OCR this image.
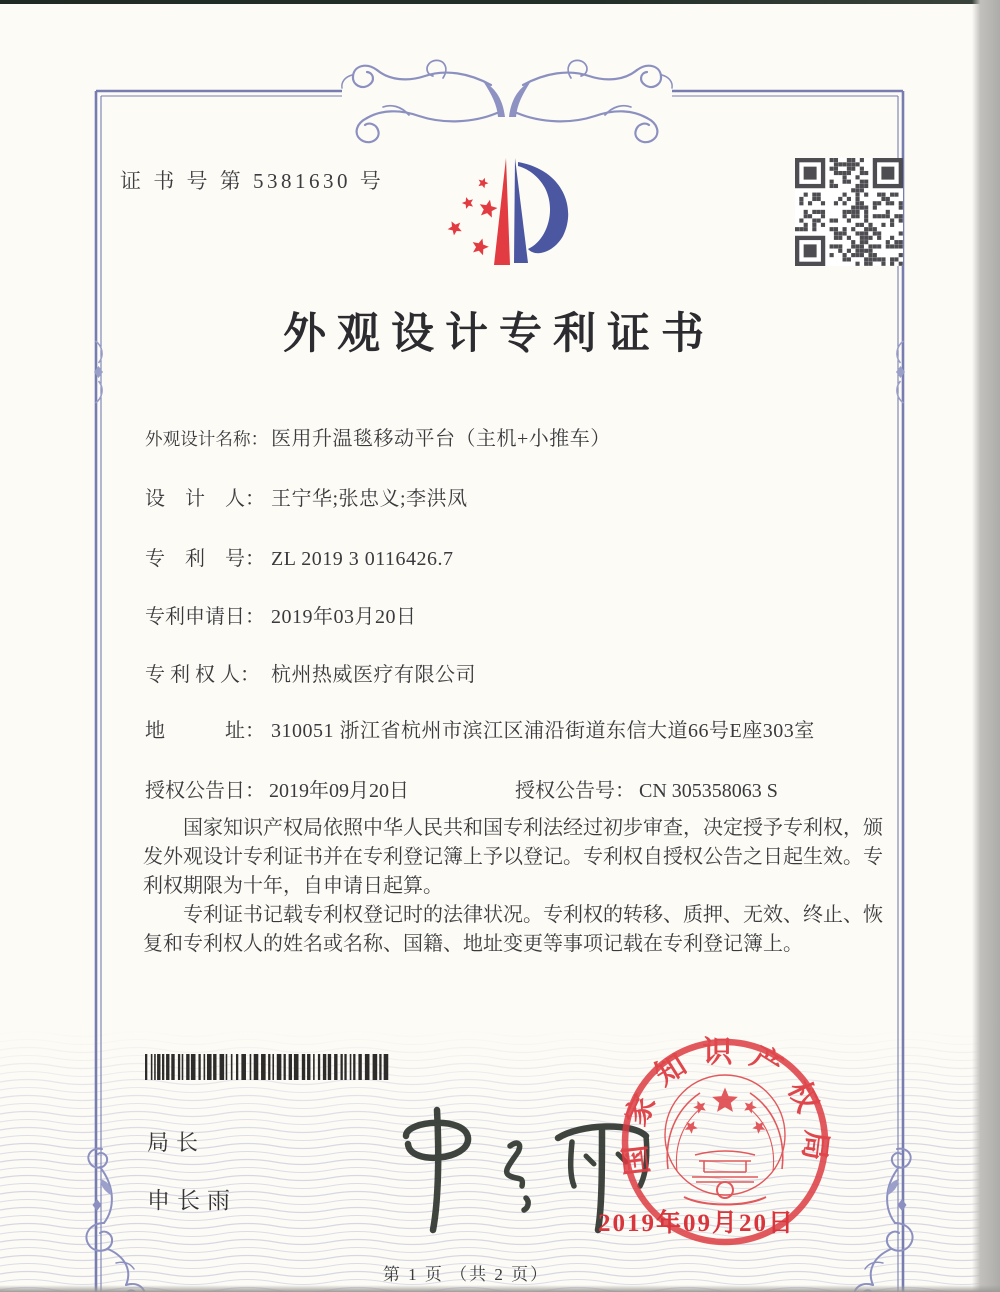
证 书 号 第 5381630 号
外观设计专利证书
外观设计名称： 医用升温毯移动平台（主机+小推车）
设　计　人： 王宁华;张忠义;李洪凤
专　利　号： ZL 2019 3 0116426.7
专利申请日： 2019年03月20日
专 利 权 人： 杭州热威医疗有限公司
地　　　址： 310051 浙江省杭州市滨江区浦沿街道东信大道66号E座303室
授权公告日： 2019年09月20日	授权公告号： CN 305358063 S

国家知识产权局依照中华人民共和国专利法经过初步审查，决定授予专利权，颁发外观设计专利证书并在专利登记簿上予以登记。专利权自授权公告之日起生效。专利权期限为十年，自申请日起算。

专利证书记载专利权登记时的法律状况。专利权的转移、质押、无效、终止、恢复和专利权人的姓名或名称、国籍、地址变更等事项记载在专利登记簿上。

局长
申长雨
国家知识产权局
2019年09月20日
第 1 页 （共 2 页）
